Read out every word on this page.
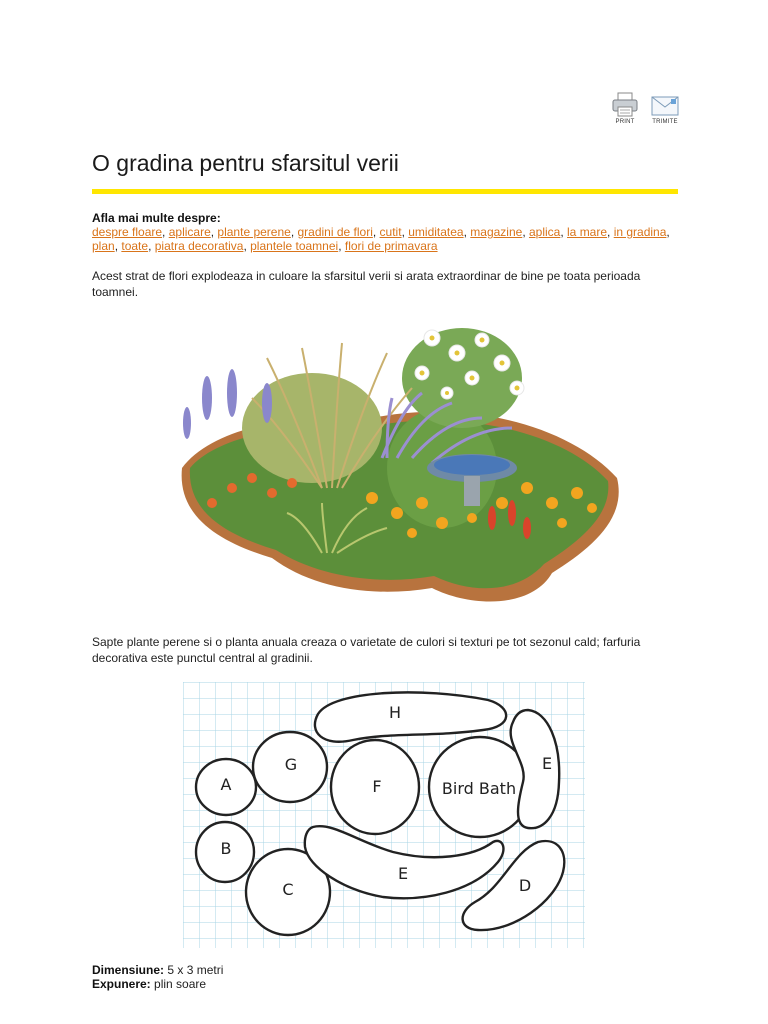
PRINT	TRIMITE
O gradina pentru sfarsitul verii
Afla mai multe despre:
despre floare, aplicare, plante perene, gradini de flori, cutit, umiditatea, magazine, aplica, la mare, in gradina, plan, toate, piatra decorativa, plantele toamnei, flori de primavara

Acest strat de flori explodeaza in culoare la sfarsitul verii si arata extraordinar de bine pe toata perioada toamnei.

Sapte plante perene si o planta anuala creaza o varietate de culori si texturi pe tot sezonul cald; farfuria decorativa este punctul central al gradinii.

H
A
G
F	Bird Bath
E
B
C
E
D
Dimensiune: 5 x 3 metri
Expunere: plin soare
